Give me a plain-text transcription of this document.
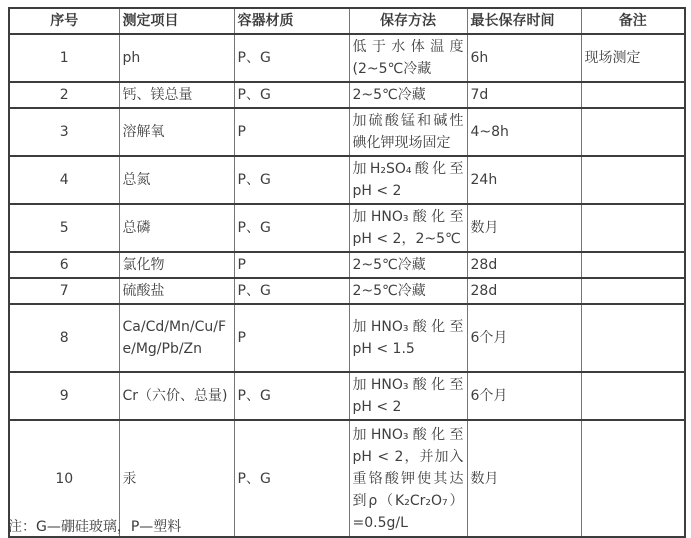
序号	测定项目	容器材质	保存方法	最长保存时间	备注
1	ph	P、G	低于水体温度(2~5℃冷藏	6h	现场测定
2	钙、镁总量	P、G	2~5℃冷藏	7d	
3	溶解氧	P	加硫酸锰和碱性碘化钾现场固定	4~8h	
4	总氮	P、G	加H₂SO₄酸化至pH < 2	24h	
5	总磷	P、G	加HNO₃酸化至pH < 2，2~5℃	数月	
6	氯化物	P	2~5℃冷藏	28d	
7	硫酸盐	P、G	2~5℃冷藏	28d	
8	Ca/Cd/Mn/Cu/Fe/Mg/Pb/Zn	P	加HNO₃酸化至pH < 1.5	6个月	
9	Cr（六价、总量)	P、G	加HNO₃酸化至pH < 2	6个月	
10	汞	P、G	加HNO₃酸化至pH < 2，并加入重铬酸钾使其达到ρ（K₂Cr₂O₇）=0.5g/L	数月	
注：G—硼硅玻璃，P—塑料
